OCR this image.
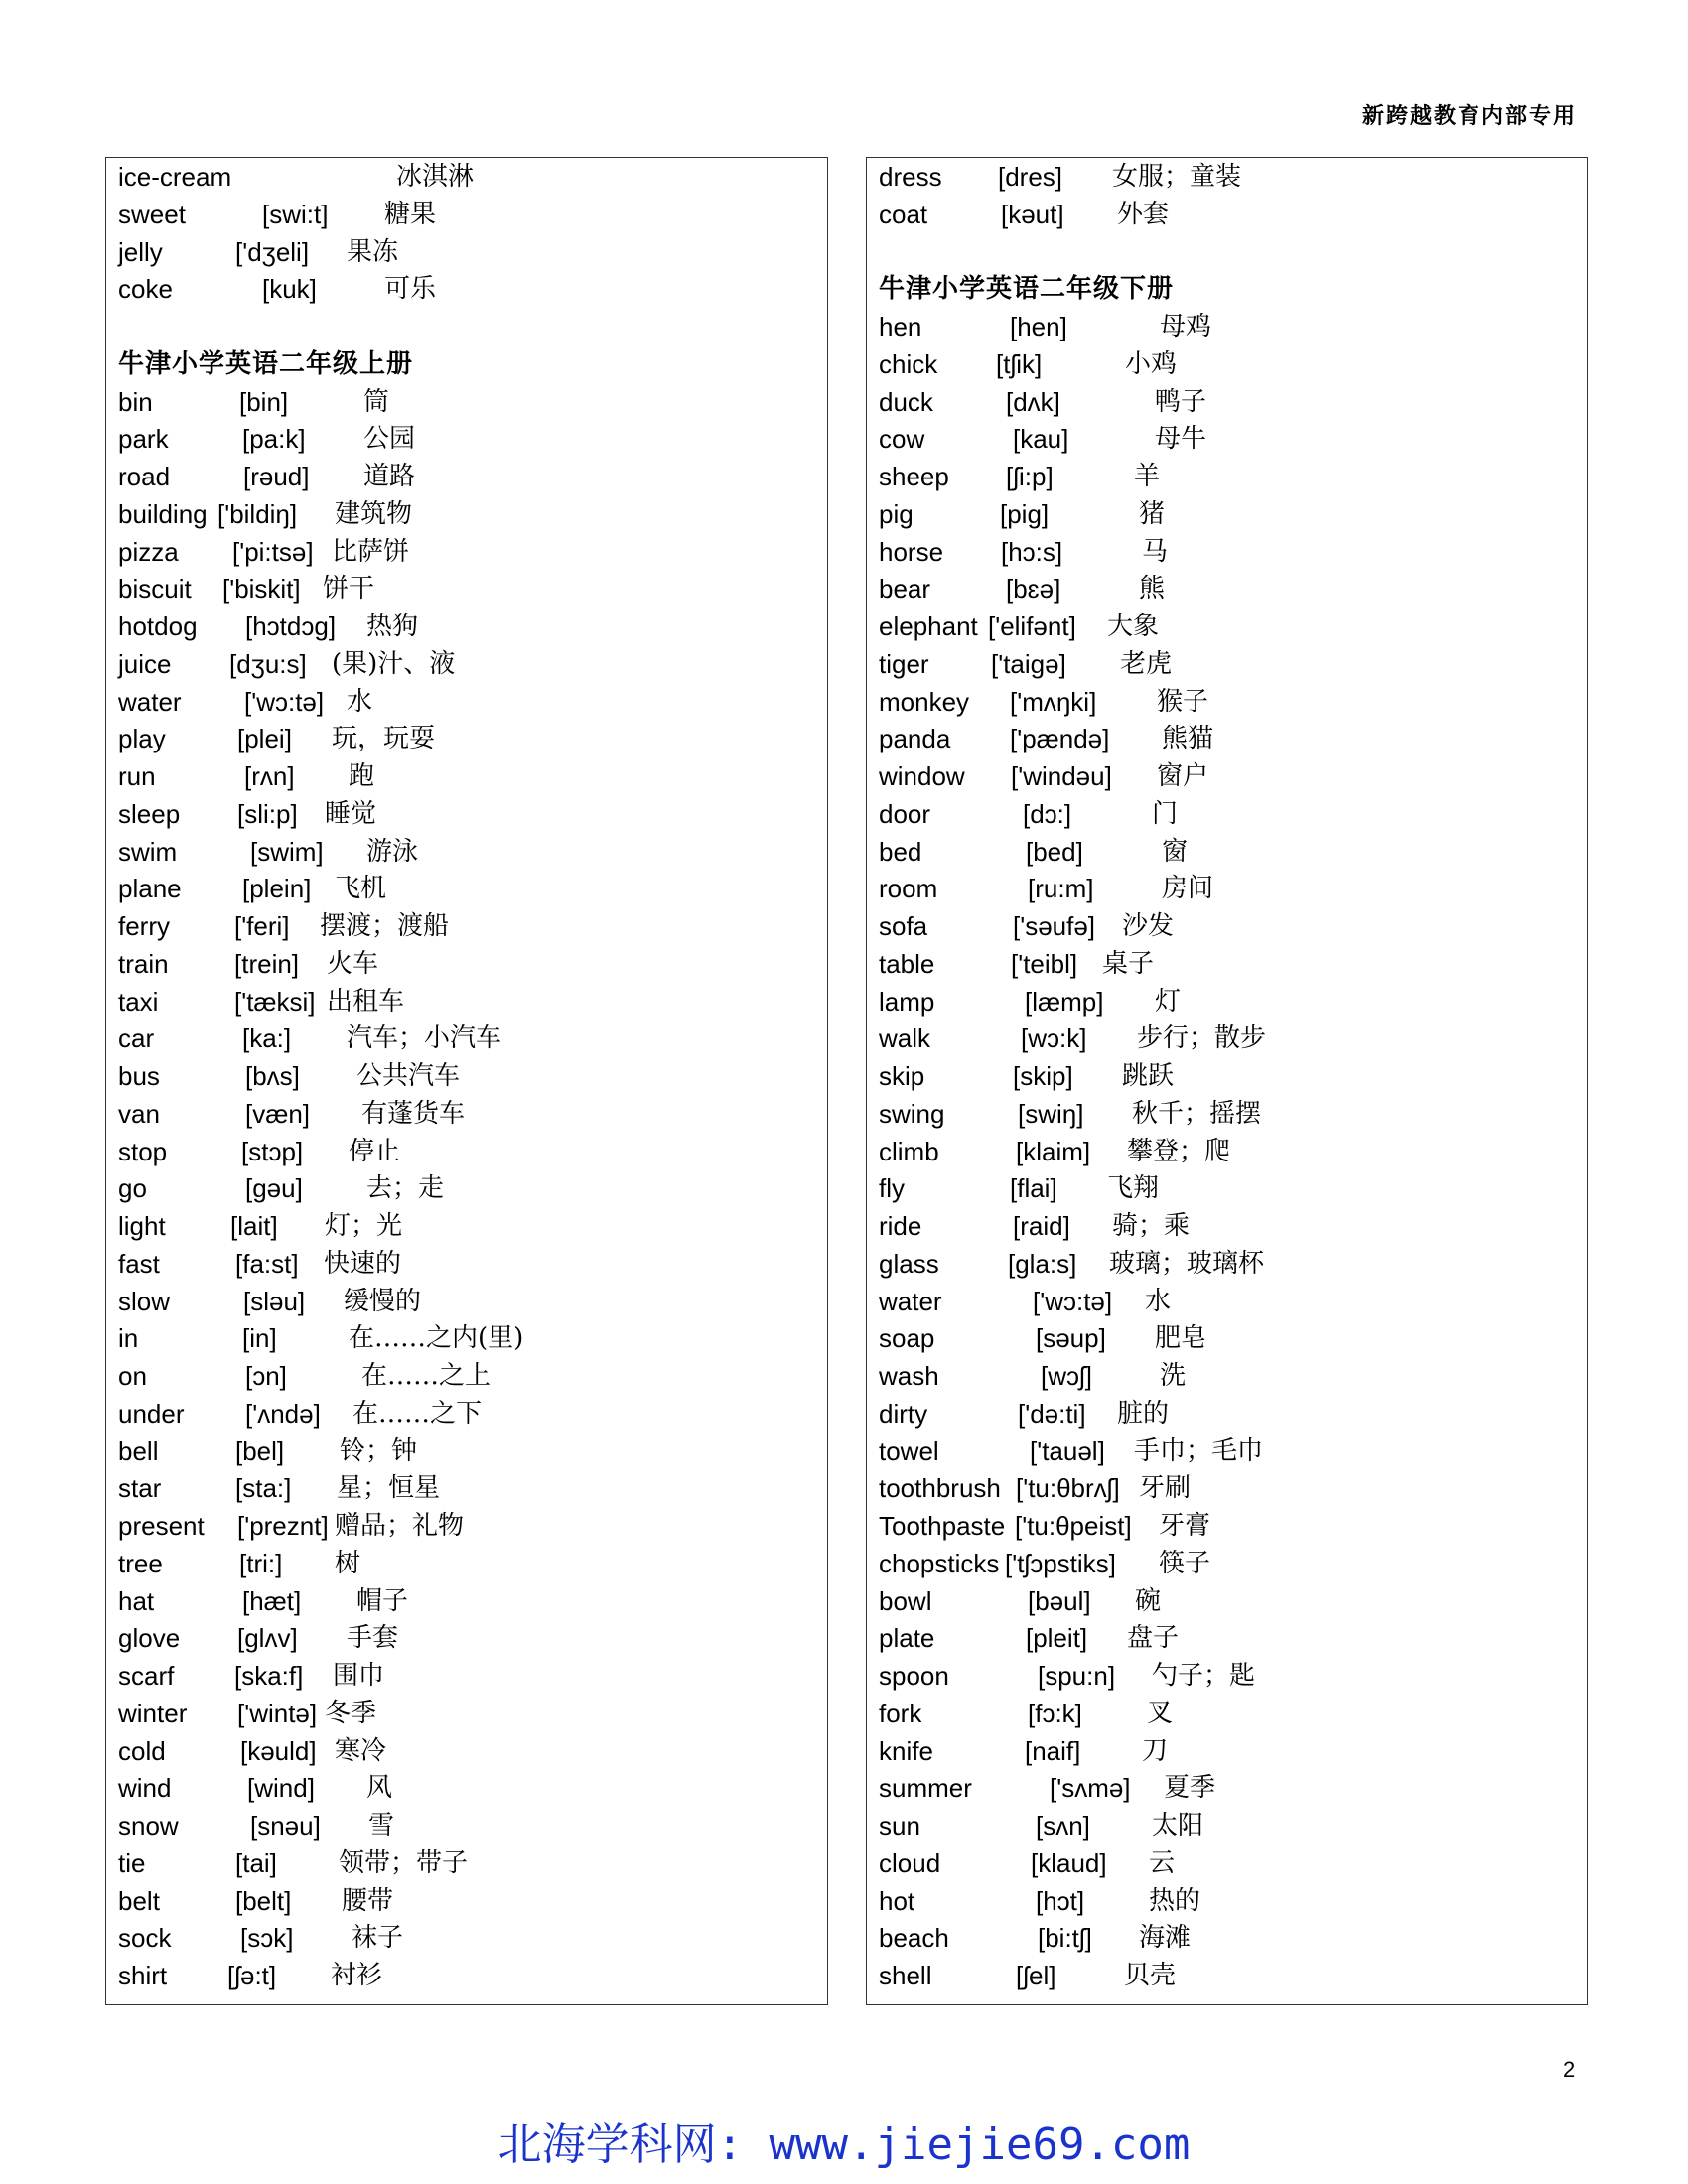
新跨越教育内部专用
ice-cream	冰淇淋
sweet	[swi:t] 糖果
jelly	['dʒeli] 果冻
coke	[kuk]	可乐
牛津小学英语二年级上册
bin	[bin]	筒
park	[pa:k] 公园
road	[rəud] 道路
building ['bildiŋ] 建筑物
pizza ['pi:tsə] 比萨饼
biscuit ['biskit] 饼干
hotdog [hɔtdɔg] 热狗
juice [dʒu:s] (果)汁、液
water ['wɔ:tə] 水
play	[plei] 玩，玩耍
run	[rʌn] 跑
sleep [sli:p] 睡觉
swim	[swim] 游泳
plane [plein] 飞机
ferry	['feri] 摆渡；渡船
train	[trein] 火车
taxi	['tæksi] 出租车
car	[ka:] 汽车；小汽车
bus	[bʌs] 公共汽车
van	[væn] 有蓬货车
stop	[stɔp] 停止
go	[ɡəu] 去；走
light	[lait] 灯；光
fast	[fa:st] 快速的
slow	[sləu] 缓慢的
in	[in]	在……之内(里)
on	[ɔn]	在……之上
under ['ʌndə] 在……之下
bell	[bel] 铃；钟
star	[sta:] 星；恒星
present ['preznt] 赠品；礼物
tree	[tri:] 树
hat	[hæt] 帽子
glove [ɡlʌv] 手套
scarf [ska:f] 围巾
winter ['wintə] 冬季
cold	[kəuld] 寒冷
wind	[wind] 风
snow	[snəu] 雪
tie	[tai] 领带；带子
belt	[belt] 腰带
sock	[sɔk] 袜子
shirt [ʃə:t] 衬衫
dress [dres] 女服；童装
coat	[kəut] 外套
牛津小学英语二年级下册
hen	[hen]	母鸡
chick [tʃik]	小鸡
duck	[dʌk]	鸭子
cow	[kau]	母牛
sheep [ʃi:p]	羊
pig	[pig]	猪
horse [hɔ:s]	马
bear	[bɛə]	熊
elephant ['elifənt] 大象
tiger ['taiɡə] 老虎
monkey ['mʌŋki] 猴子
panda ['pændə] 熊猫
window ['windəu] 窗户
door	[dɔ:]	门
bed	[bed]	窗
room	[ru:m]	房间
sofa	['səufə] 沙发
table	['teibl] 桌子
lamp	[læmp] 灯
walk	[wɔ:k] 步行；散步
skip	[skip] 跳跃
swing	[swiŋ] 秋千；摇摆
climb	[klaim] 攀登；爬
fly	[flai] 飞翔
ride	[raid] 骑；乘
glass	[gla:s] 玻璃；玻璃杯
water	['wɔ:tə] 水
soap	[səup] 肥皂
wash	[wɔʃ]	洗
dirty	['də:ti] 脏的
towel	['tauəl] 手巾；毛巾
toothbrush ['tu:θbrʌʃ] 牙刷
Toothpaste ['tu:θpeist] 牙膏
chopsticks ['tʃɔpstiks] 筷子
bowl	[bəul] 碗
plate	[pleit] 盘子
spoon	[spu:n] 勺子；匙
fork	[fɔ:k]	叉
knife	[naif] 刀
summer	['sʌmə] 夏季
sun	[sʌn] 太阳
cloud	[klaud] 云
hot	[hɔt] 热的
beach	[bi:tʃ] 海滩
shell	[ʃel]	贝壳
2
北海学科网: www.jiejie69.com
